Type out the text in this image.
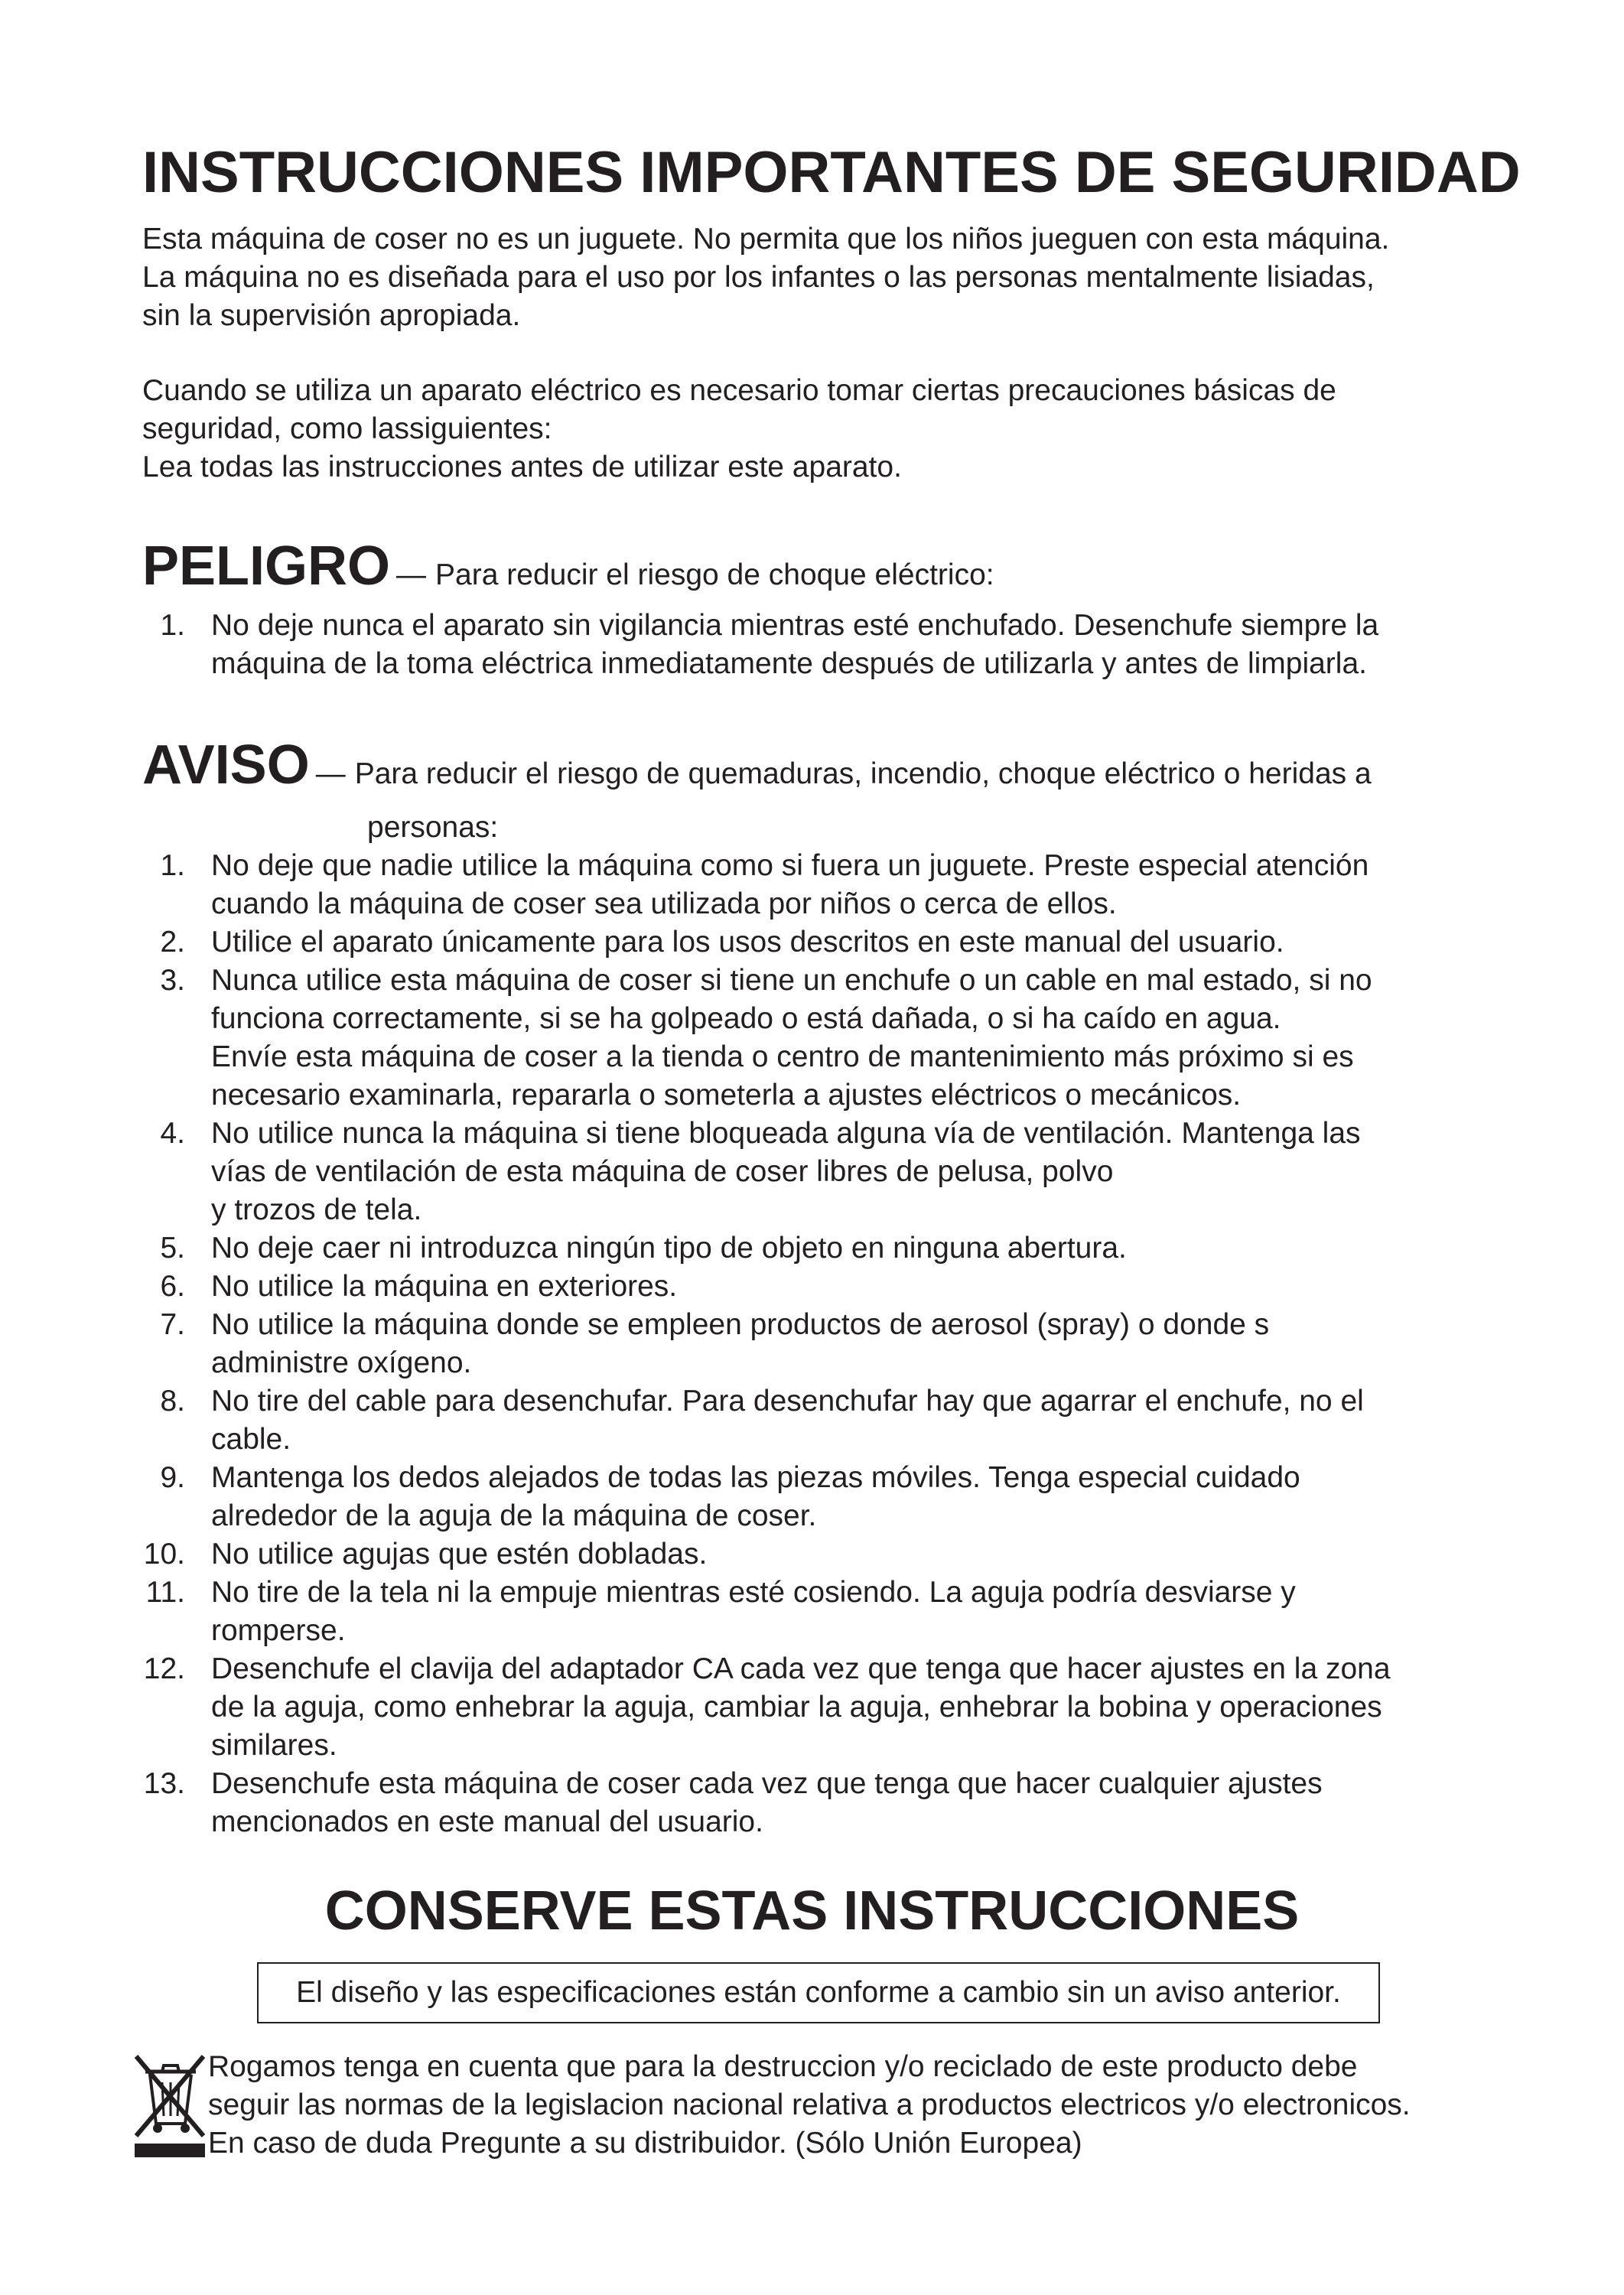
INSTRUCCIONES IMPORTANTES DE SEGURIDAD

Esta máquina de coser no es un juguete. No permita que los niños jueguen con esta máquina.
La máquina no es diseñada para el uso por los infantes o las personas mentalmente lisiadas,
sin la supervisión apropiada.

Cuando se utiliza un aparato eléctrico es necesario tomar ciertas precauciones básicas de
seguridad, como lassiguientes:
Lea todas las instrucciones antes de utilizar este aparato.

PELIGRO — Para reducir el riesgo de choque eléctrico:
1. No deje nunca el aparato sin vigilancia mientras esté enchufado. Desenchufe siempre la
máquina de la toma eléctrica inmediatamente después de utilizarla y antes de limpiarla.
AVISO — Para reducir el riesgo de quemaduras, incendio, choque eléctrico o heridas a
personas:
1. No deje que nadie utilice la máquina como si fuera un juguete. Preste especial atención
cuando la máquina de coser sea utilizada por niños o cerca de ellos.
2. Utilice el aparato únicamente para los usos descritos en este manual del usuario.
3. Nunca utilice esta máquina de coser si tiene un enchufe o un cable en mal estado, si no
funciona correctamente, si se ha golpeado o está dañada, o si ha caído en agua.
Envíe esta máquina de coser a la tienda o centro de mantenimiento más próximo si es
necesario examinarla, repararla o someterla a ajustes eléctricos o mecánicos.
4. No utilice nunca la máquina si tiene bloqueada alguna vía de ventilación. Mantenga las
vías de ventilación de esta máquina de coser libres de pelusa, polvo
y trozos de tela.
5. No deje caer ni introduzca ningún tipo de objeto en ninguna abertura.
6. No utilice la máquina en exteriores.
7. No utilice la máquina donde se empleen productos de aerosol (spray) o donde s
administre oxígeno.
8. No tire del cable para desenchufar. Para desenchufar hay que agarrar el enchufe, no el
cable.
9. Mantenga los dedos alejados de todas las piezas móviles. Tenga especial cuidado
alrededor de la aguja de la máquina de coser.
10. No utilice agujas que estén dobladas.
11. No tire de la tela ni la empuje mientras esté cosiendo. La aguja podría desviarse y
romperse.
12. Desenchufe el clavija del adaptador CA cada vez que tenga que hacer ajustes en la zona
de la aguja, como enhebrar la aguja, cambiar la aguja, enhebrar la bobina y operaciones
similares.
13. Desenchufe esta máquina de coser cada vez que tenga que hacer cualquier ajustes
mencionados en este manual del usuario.
CONSERVE ESTAS INSTRUCCIONES
El diseño y las especificaciones están conforme a cambio sin un aviso anterior.

Rogamos tenga en cuenta que para la destruccion y/o reciclado de este producto debe
seguir las normas de la legislacion nacional relativa a productos electricos y/o electronicos.
En caso de duda Pregunte a su distribuidor. (Sólo Unión Europea)
